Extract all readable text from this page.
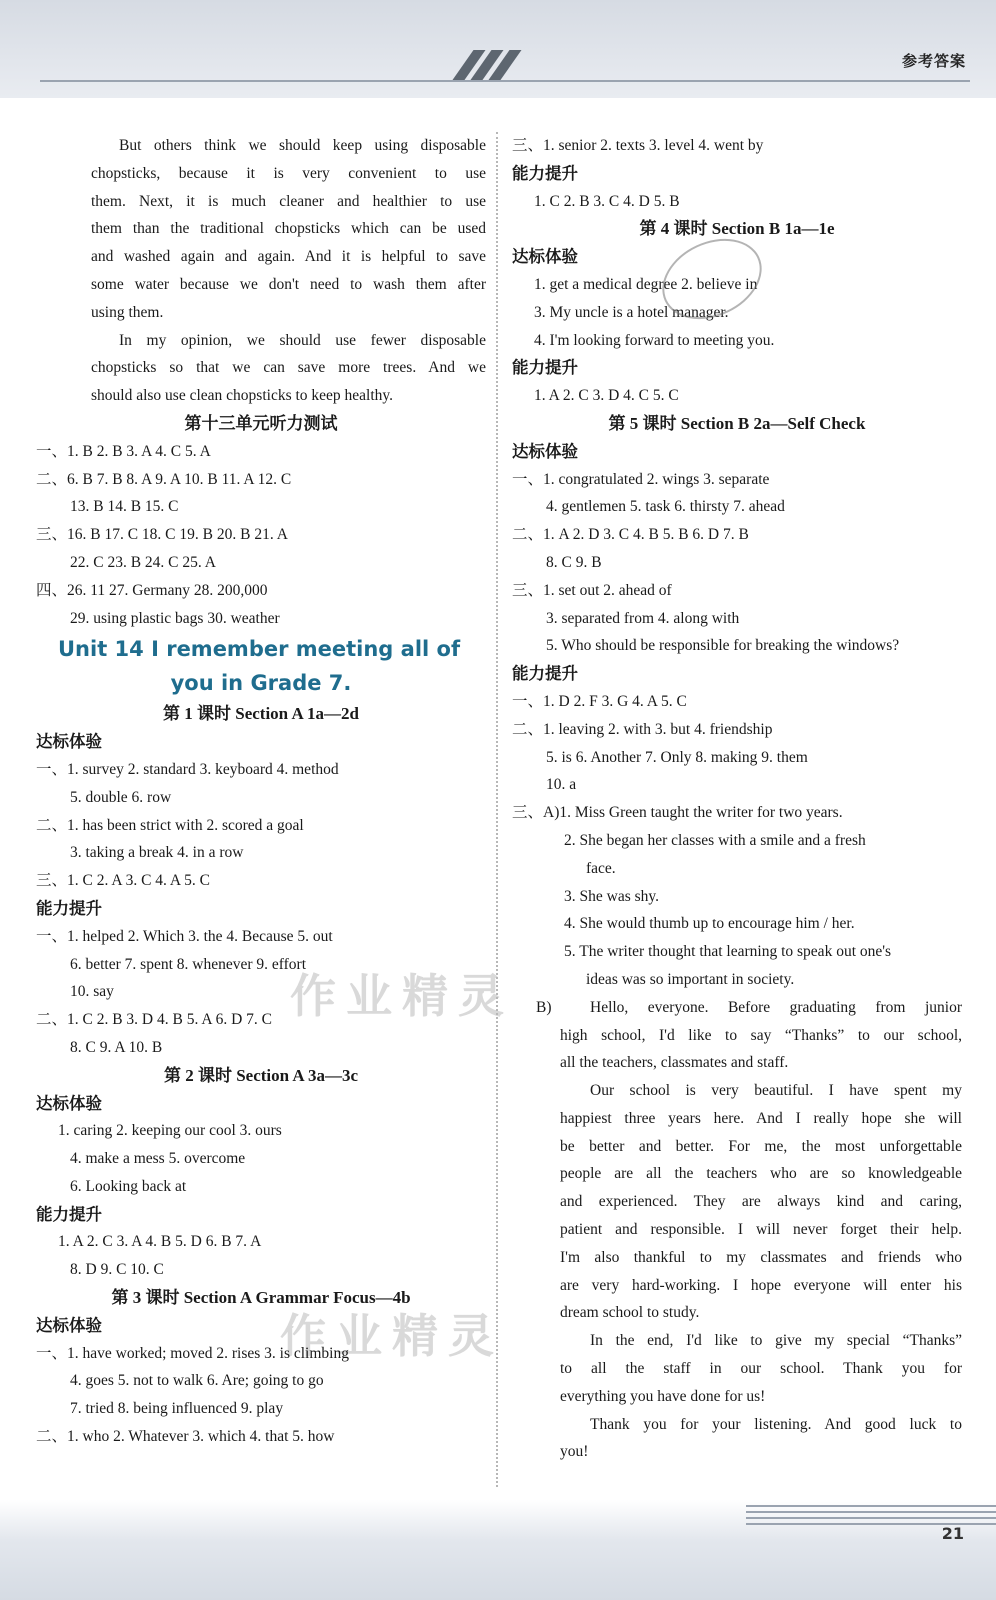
参考答案
作业精灵
作业精灵
But others think we should keep using disposable
chopsticks, because it is very convenient to use
them. Next, it is much cleaner and healthier to use
them than the traditional chopsticks which can be used
and washed again and again. And it is helpful to save
some water because we don't need to wash them after
using them.
In my opinion, we should use fewer disposable
chopsticks so that we can save more trees. And we
should also use clean chopsticks to keep healthy.
第十三单元听力测试
一、1. B 2. B 3. A 4. C 5. A
二、6. B 7. B 8. A 9. A 10. B 11. A 12. C
13. B 14. B 15. C
三、16. B 17. C 18. C 19. B 20. B 21. A
22. C 23. B 24. C 25. A
四、26. 11 27. Germany 28. 200,000
29. using plastic bags 30. weather
Unit 14 I remember meeting all of
you in Grade 7.
第 1 课时 Section A 1a—2d
达标体验
一、1. survey 2. standard 3. keyboard 4. method
5. double 6. row
二、1. has been strict with 2. scored a goal
3. taking a break 4. in a row
三、1. C 2. A 3. C 4. A 5. C
能力提升
一、1. helped 2. Which 3. the 4. Because 5. out
6. better 7. spent 8. whenever 9. effort
10. say
二、1. C 2. B 3. D 4. B 5. A 6. D 7. C
8. C 9. A 10. B
第 2 课时 Section A 3a—3c
达标体验
1. caring 2. keeping our cool 3. ours
4. make a mess 5. overcome
6. Looking back at
能力提升
1. A 2. C 3. A 4. B 5. D 6. B 7. A
8. D 9. C 10. C
第 3 课时 Section A Grammar Focus—4b
达标体验
一、1. have worked; moved 2. rises 3. is climbing
4. goes 5. not to walk 6. Are; going to go
7. tried 8. being influenced 9. play
二、1. who 2. Whatever 3. which 4. that 5. how
三、1. senior 2. texts 3. level 4. went by
能力提升
1. C 2. B 3. C 4. D 5. B
第 4 课时 Section B 1a—1e
达标体验
1. get a medical degree 2. believe in
3. My uncle is a hotel manager.
4. I'm looking forward to meeting you.
能力提升
1. A 2. C 3. D 4. C 5. C
第 5 课时 Section B 2a—Self Check
达标体验
一、1. congratulated 2. wings 3. separate
4. gentlemen 5. task 6. thirsty 7. ahead
二、1. A 2. D 3. C 4. B 5. B 6. D 7. B
8. C 9. B
三、1. set out 2. ahead of
3. separated from 4. along with
5. Who should be responsible for breaking the windows?
能力提升
一、1. D 2. F 3. G 4. A 5. C
二、1. leaving 2. with 3. but 4. friendship
5. is 6. Another 7. Only 8. making 9. them
10. a
三、A)1. Miss Green taught the writer for two years.
2. She began her classes with a smile and a fresh
face.
3. She was shy.
4. She would thumb up to encourage him / her.
5. The writer thought that learning to speak out one's
ideas was so important in society.
B)	Hello, everyone. Before graduating from junior
high school, I'd like to say “Thanks” to our school,
all the teachers, classmates and staff.
Our school is very beautiful. I have spent my
happiest three years here. And I really hope she will
be better and better. For me, the most unforgettable
people are all the teachers who are so knowledgeable
and experienced. They are always kind and caring,
patient and responsible. I will never forget their help.
I'm also thankful to my classmates and friends who
are very hard-working. I hope everyone will enter his
dream school to study.
In the end, I'd like to give my special “Thanks”
to all the staff in our school. Thank you for
everything you have done for us!
Thank you for your listening. And good luck to
you!
21
